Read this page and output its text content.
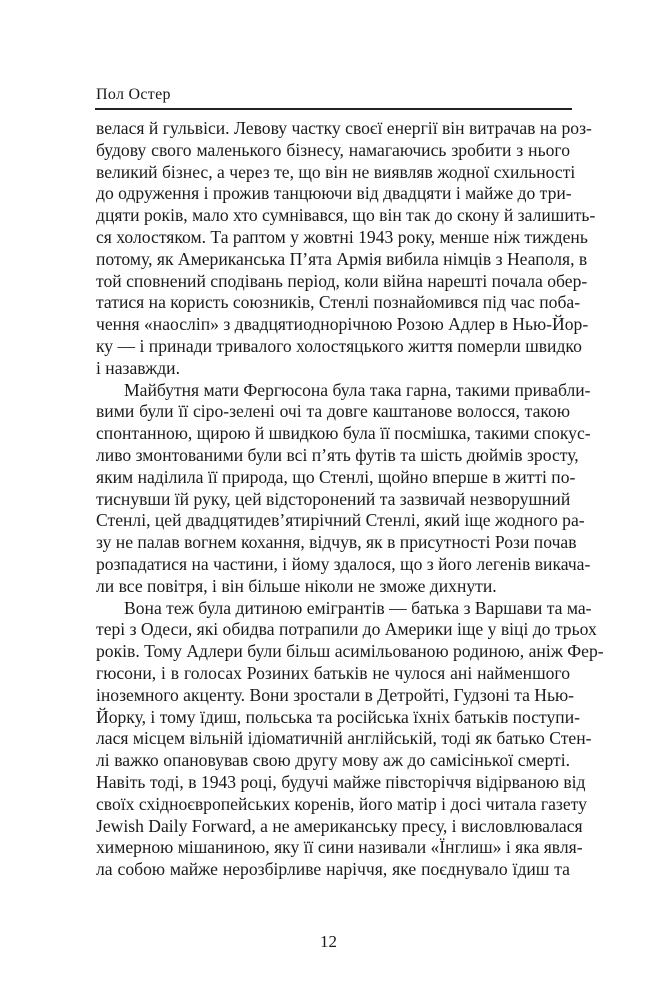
Пол Остер
велася й гульвіси. Левову частку своєї енергії він витрачав на роз-
будову свого маленького бізнесу, намагаючись зробити з нього
великий бізнес, а через те, що він не виявляв жодної схильності
до одруження і прожив танцюючи від двадцяти і майже до три-
дцяти років, мало хто сумнівався, що він так до скону й залишить-
ся холостяком. Та раптом у жовтні 1943 року, менше ніж тиждень
потому, як Американська П’ята Армія вибила німців з Неаполя, в
той сповнений сподівань період, коли війна нарешті почала обер-
татися на користь союзників, Стенлі познайомився під час поба-
чення «наосліп» з двадцятиоднорічною Розою Адлер в Нью-Йор-
ку — і принади тривалого холостяцького життя померли швидко
і назавжди.
Майбутня мати Фергюсона була така гарна, такими привабли-
вими були її сіро-зелені очі та довге каштанове волосся, такою
спонтанною, щирою й швидкою була її посмішка, такими спокус-
ливо змонтованими були всі п’ять футів та шість дюймів зросту,
яким наділила її природа, що Стенлі, щойно вперше в житті по-
тиснувши їй руку, цей відсторонений та зазвичай незворушний
Стенлі, цей двадцятидев’ятирічний Стенлі, який іще жодного ра-
зу не палав вогнем кохання, відчув, як в присутності Рози почав
розпадатися на частини, і йому здалося, що з його легенів викача-
ли все повітря, і він більше ніколи не зможе дихнути.
Вона теж була дитиною емігрантів — батька з Варшави та ма-
тері з Одеси, які обидва потрапили до Америки іще у віці до трьох
років. Тому Адлери були більш асимільованою родиною, аніж Фер-
гюсони, і в голосах Розиних батьків не чулося ані найменшого
іноземного акценту. Вони зростали в Детройті, Гудзоні та Нью-
Йорку, і тому їдиш, польська та російська їхніх батьків поступи-
лася місцем вільній ідіоматичній англійській, тоді як батько Стен-
лі важко опановував свою другу мову аж до самісінької смерті.
Навіть тоді, в 1943 році, будучі майже півсторіччя відірваною від
своїх східноєвропейських коренів, його матір і досі читала газету
Jewish Daily Forward, а не американську пресу, і висловлювалася
химерною мішаниною, яку її сини називали «Їнглиш» і яка явля-
ла собою майже нерозбірливе наріччя, яке поєднувало їдиш та
12
